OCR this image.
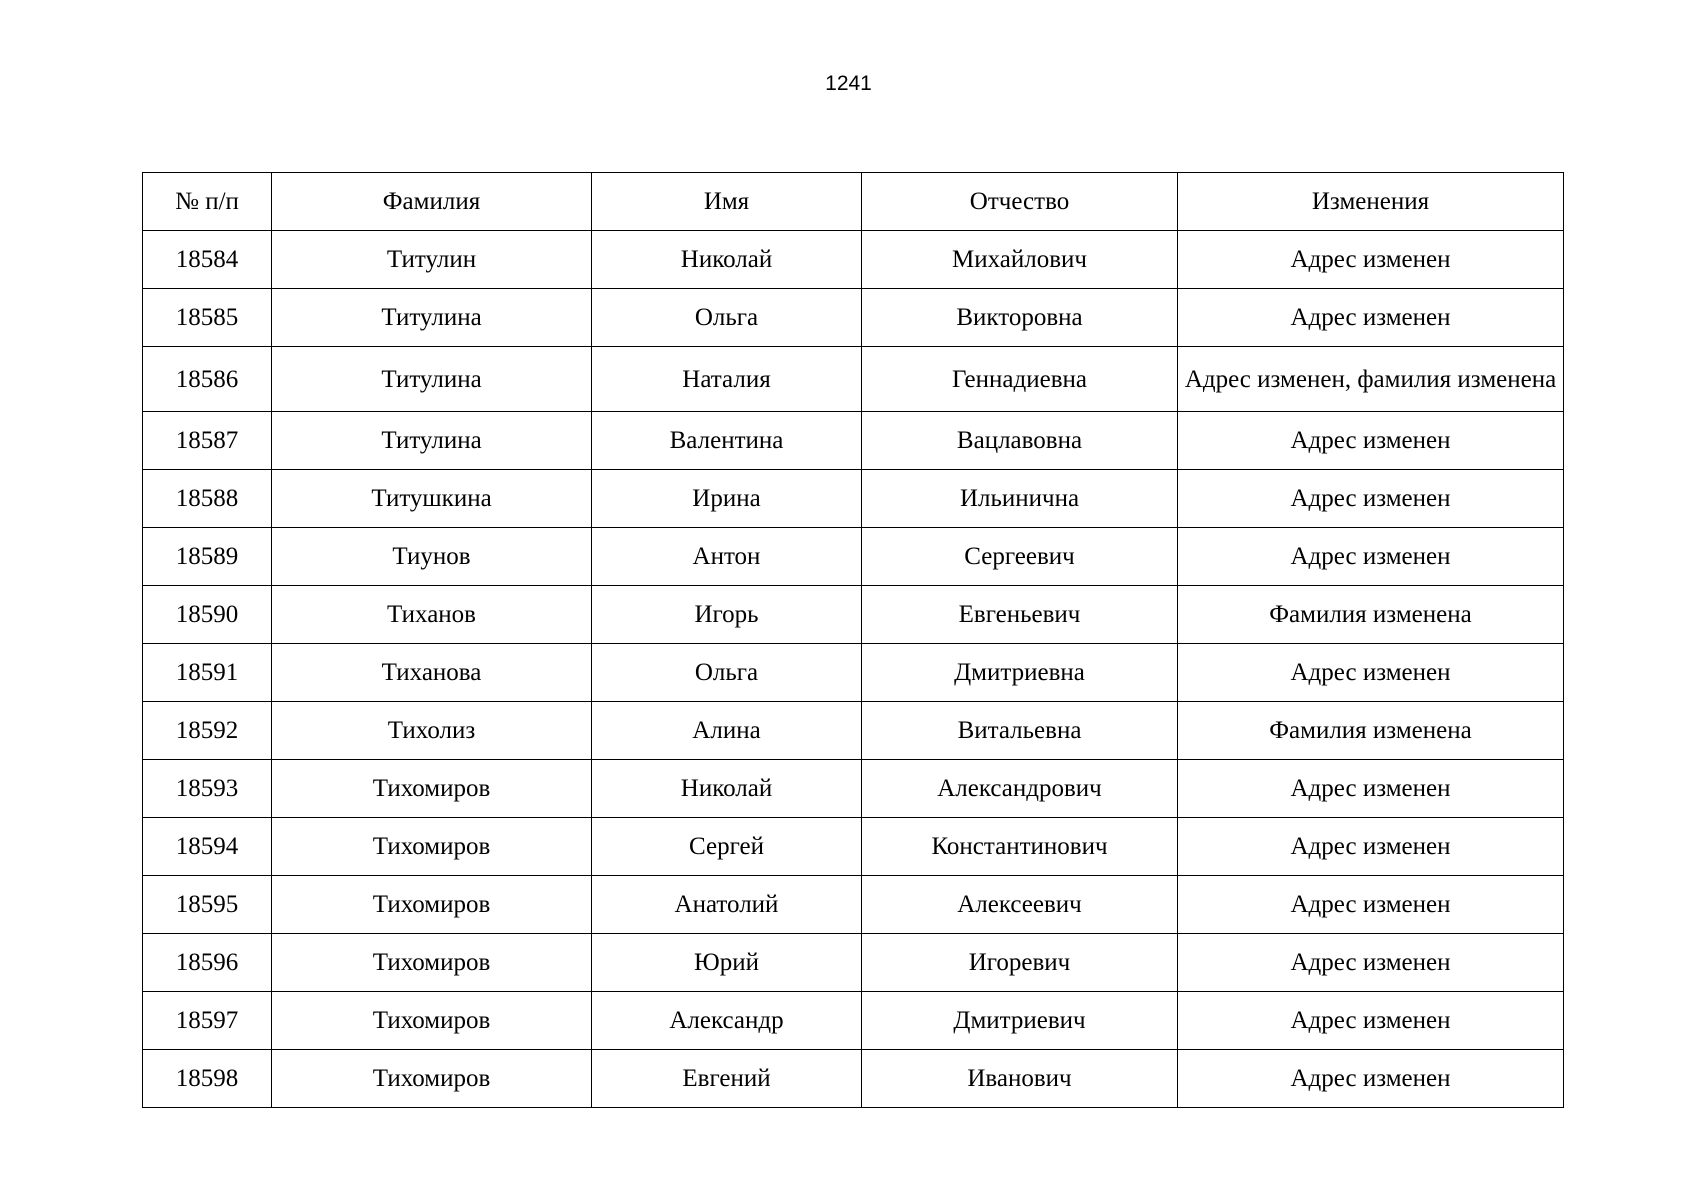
1241
№ п/п	Фамилия	Имя	Отчество	Изменения
18584	Титулин	Николай	Михайлович	Адрес изменен
18585	Титулина	Ольга	Викторовна	Адрес изменен
18586	Титулина	Наталия	Геннадиевна	Адрес изменен, фамилия изменена
18587	Титулина	Валентина	Вацлавовна	Адрес изменен
18588	Титушкина	Ирина	Ильинична	Адрес изменен
18589	Тиунов	Антон	Сергеевич	Адрес изменен
18590	Тиханов	Игорь	Евгеньевич	Фамилия изменена
18591	Тиханова	Ольга	Дмитриевна	Адрес изменен
18592	Тихолиз	Алина	Витальевна	Фамилия изменена
18593	Тихомиров	Николай	Александрович	Адрес изменен
18594	Тихомиров	Сергей	Константинович	Адрес изменен
18595	Тихомиров	Анатолий	Алексеевич	Адрес изменен
18596	Тихомиров	Юрий	Игоревич	Адрес изменен
18597	Тихомиров	Александр	Дмитриевич	Адрес изменен
18598	Тихомиров	Евгений	Иванович	Адрес изменен
